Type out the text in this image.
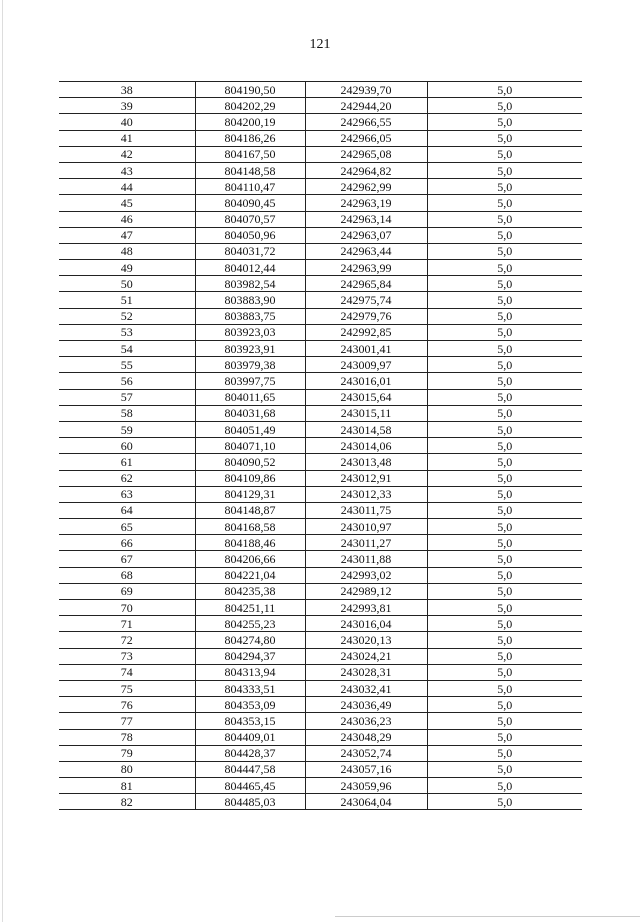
121
38	804190,50	242939,70	5,0
39	804202,29	242944,20	5,0
40	804200,19	242966,55	5,0
41	804186,26	242966,05	5,0
42	804167,50	242965,08	5,0
43	804148,58	242964,82	5,0
44	804110,47	242962,99	5,0
45	804090,45	242963,19	5,0
46	804070,57	242963,14	5,0
47	804050,96	242963,07	5,0
48	804031,72	242963,44	5,0
49	804012,44	242963,99	5,0
50	803982,54	242965,84	5,0
51	803883,90	242975,74	5,0
52	803883,75	242979,76	5,0
53	803923,03	242992,85	5,0
54	803923,91	243001,41	5,0
55	803979,38	243009,97	5,0
56	803997,75	243016,01	5,0
57	804011,65	243015,64	5,0
58	804031,68	243015,11	5,0
59	804051,49	243014,58	5,0
60	804071,10	243014,06	5,0
61	804090,52	243013,48	5,0
62	804109,86	243012,91	5,0
63	804129,31	243012,33	5,0
64	804148,87	243011,75	5,0
65	804168,58	243010,97	5,0
66	804188,46	243011,27	5,0
67	804206,66	243011,88	5,0
68	804221,04	242993,02	5,0
69	804235,38	242989,12	5,0
70	804251,11	242993,81	5,0
71	804255,23	243016,04	5,0
72	804274,80	243020,13	5,0
73	804294,37	243024,21	5,0
74	804313,94	243028,31	5,0
75	804333,51	243032,41	5,0
76	804353,09	243036,49	5,0
77	804353,15	243036,23	5,0
78	804409,01	243048,29	5,0
79	804428,37	243052,74	5,0
80	804447,58	243057,16	5,0
81	804465,45	243059,96	5,0
82	804485,03	243064,04	5,0
